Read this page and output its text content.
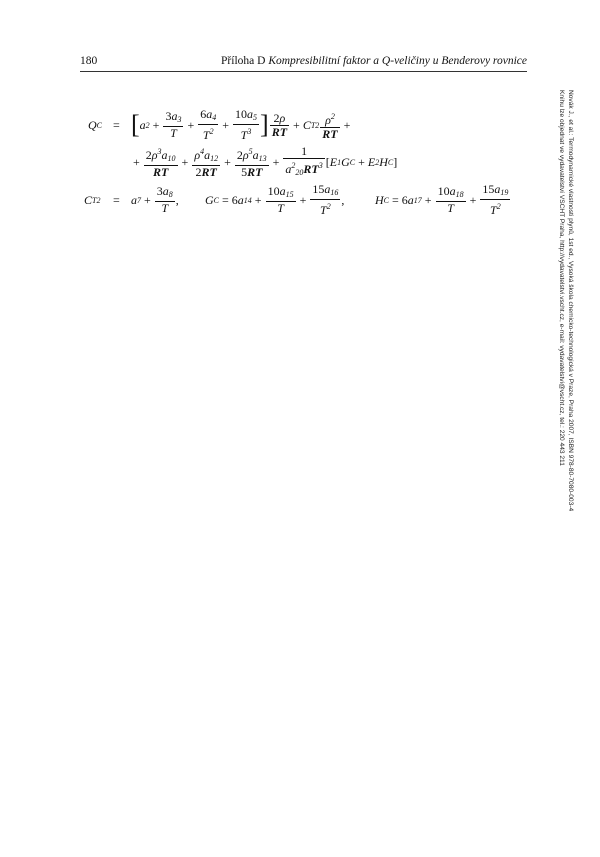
180	Příloha D Kompresibilitní faktor a Q-veličiny u Benderovy rovnice
Novák J., et al.: Termodynamické vlastnosti plynů, 1st ed., Vysoká škola chemicko-technologická v Praze, Praha 2007, ISBN 978-80-7080-003-4
Knihu lze objednat ve vydavatelství VŠCHT Praha, http://vydavatelstvi.vscht.cz, e-mail: vydavatelstvi@vscht.cz, tel.: 220 443 211
Q C = [ a $2 + \frac{3a_3}{T} + \frac{6a_4}{T^2} + \frac{10a_5}{T^3}$ ] $\frac{2\rho}{RT} + C$ $T2 \frac{\rho^2}{RT}$ +
+ $\frac{2\rho^3a_{10}}{RT} + \frac{\rho^4a_{12}}{2RT} + \frac{2\rho^5a_{13}}{5RT} + \frac{1}{a^2_{20}RT^3}$ [ E 1 G C + E 2 H C ]
C T2 = a $7 + \frac{3a_8}{T}$ , G C = 6 a $14 + \frac{10a_{15}}{T} + \frac{15a_{16}}{T^2}$ ,	H C = 6 a $17 + \frac{10a_{18}}{T} + \frac{15a_{19}}{T^2}$
